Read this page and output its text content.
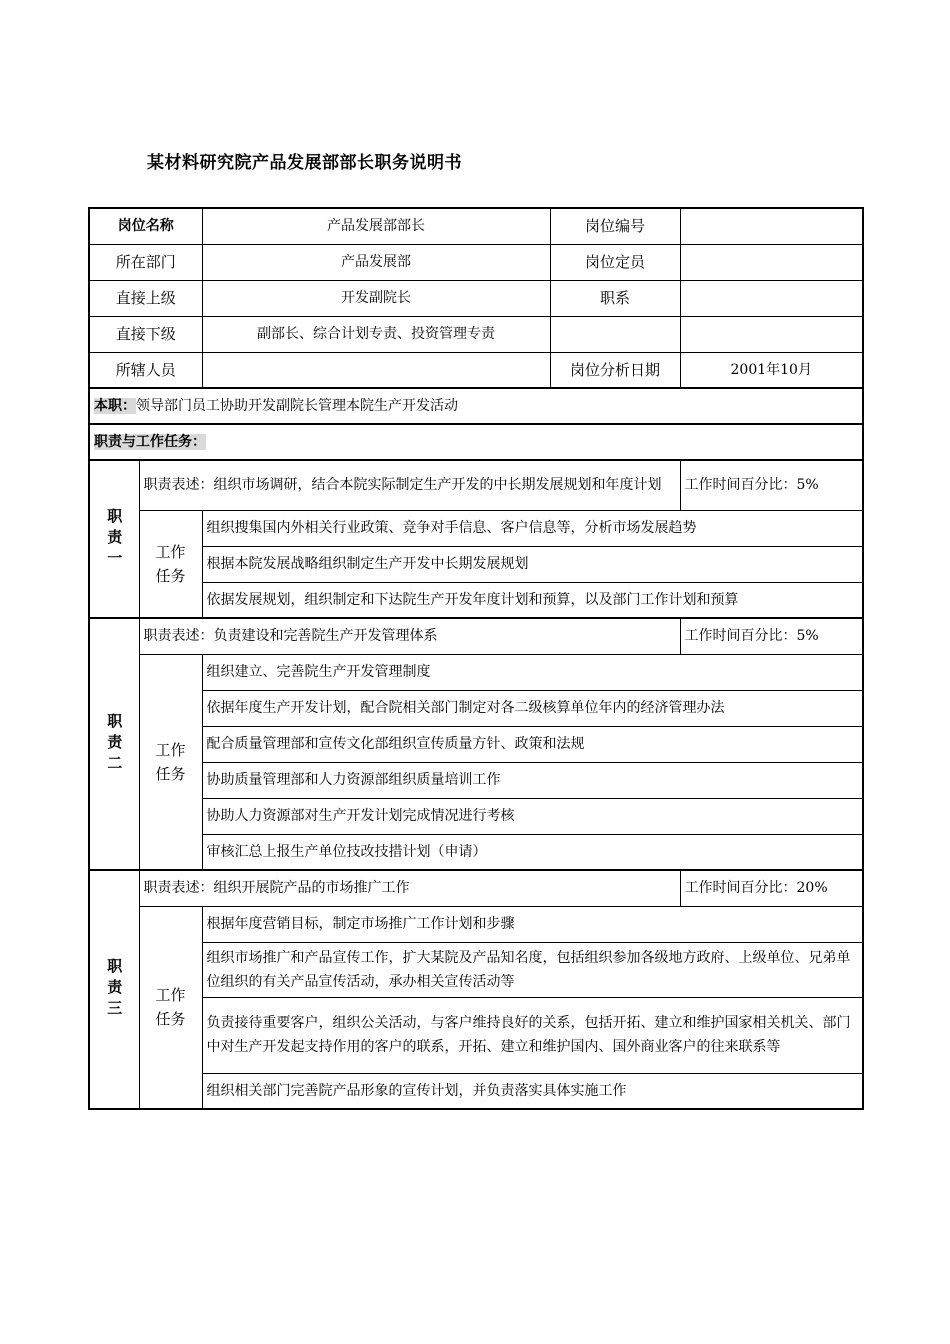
某材料研究院产品发展部部长职务说明书
岗位名称		产品发展部部长	岗位编号	
所在部门		产品发展部	岗位定员	
直接上级		开发副院长	职系	
直接下级		副部长、综合计划专责、投资管理专责		
所辖人员			岗位分析日期	2001年10月
本职：领导部门员工协助开发副院长管理本院生产开发活动				
职责与工作任务：				
职责一	职责表述：组织市场调研，结合本院实际制定生产开发的中长期发展规划和年度计划			工作时间百分比：5%
	工作任务	组织搜集国内外相关行业政策、竞争对手信息、客户信息等，分析市场发展趋势		
		根据本院发展战略组织制定生产开发中长期发展规划		
		依据发展规划，组织制定和下达院生产开发年度计划和预算，以及部门工作计划和预算		
职责二	职责表述：负责建设和完善院生产开发管理体系			工作时间百分比：5%
	工作任务	组织建立、完善院生产开发管理制度		
		依据年度生产开发计划，配合院相关部门制定对各二级核算单位年内的经济管理办法		
		配合质量管理部和宣传文化部组织宣传质量方针、政策和法规		
		协助质量管理部和人力资源部组织质量培训工作		
		协助人力资源部对生产开发计划完成情况进行考核		
		审核汇总上报生产单位技改技措计划（申请）		
职责三	职责表述：组织开展院产品的市场推广工作			工作时间百分比：20%
	工作任务	根据年度营销目标，制定市场推广工作计划和步骤		
		组织市场推广和产品宣传工作，扩大某院及产品知名度，包括组织参加各级地方政府、上级单位、兄弟单位组织的有关产品宣传活动，承办相关宣传活动等		
		负责接待重要客户，组织公关活动，与客户维持良好的关系，包括开拓、建立和维护国家相关机关、部门中对生产开发起支持作用的客户的联系，开拓、建立和维护国内、国外商业客户的往来联系等		
		组织相关部门完善院产品形象的宣传计划，并负责落实具体实施工作		
